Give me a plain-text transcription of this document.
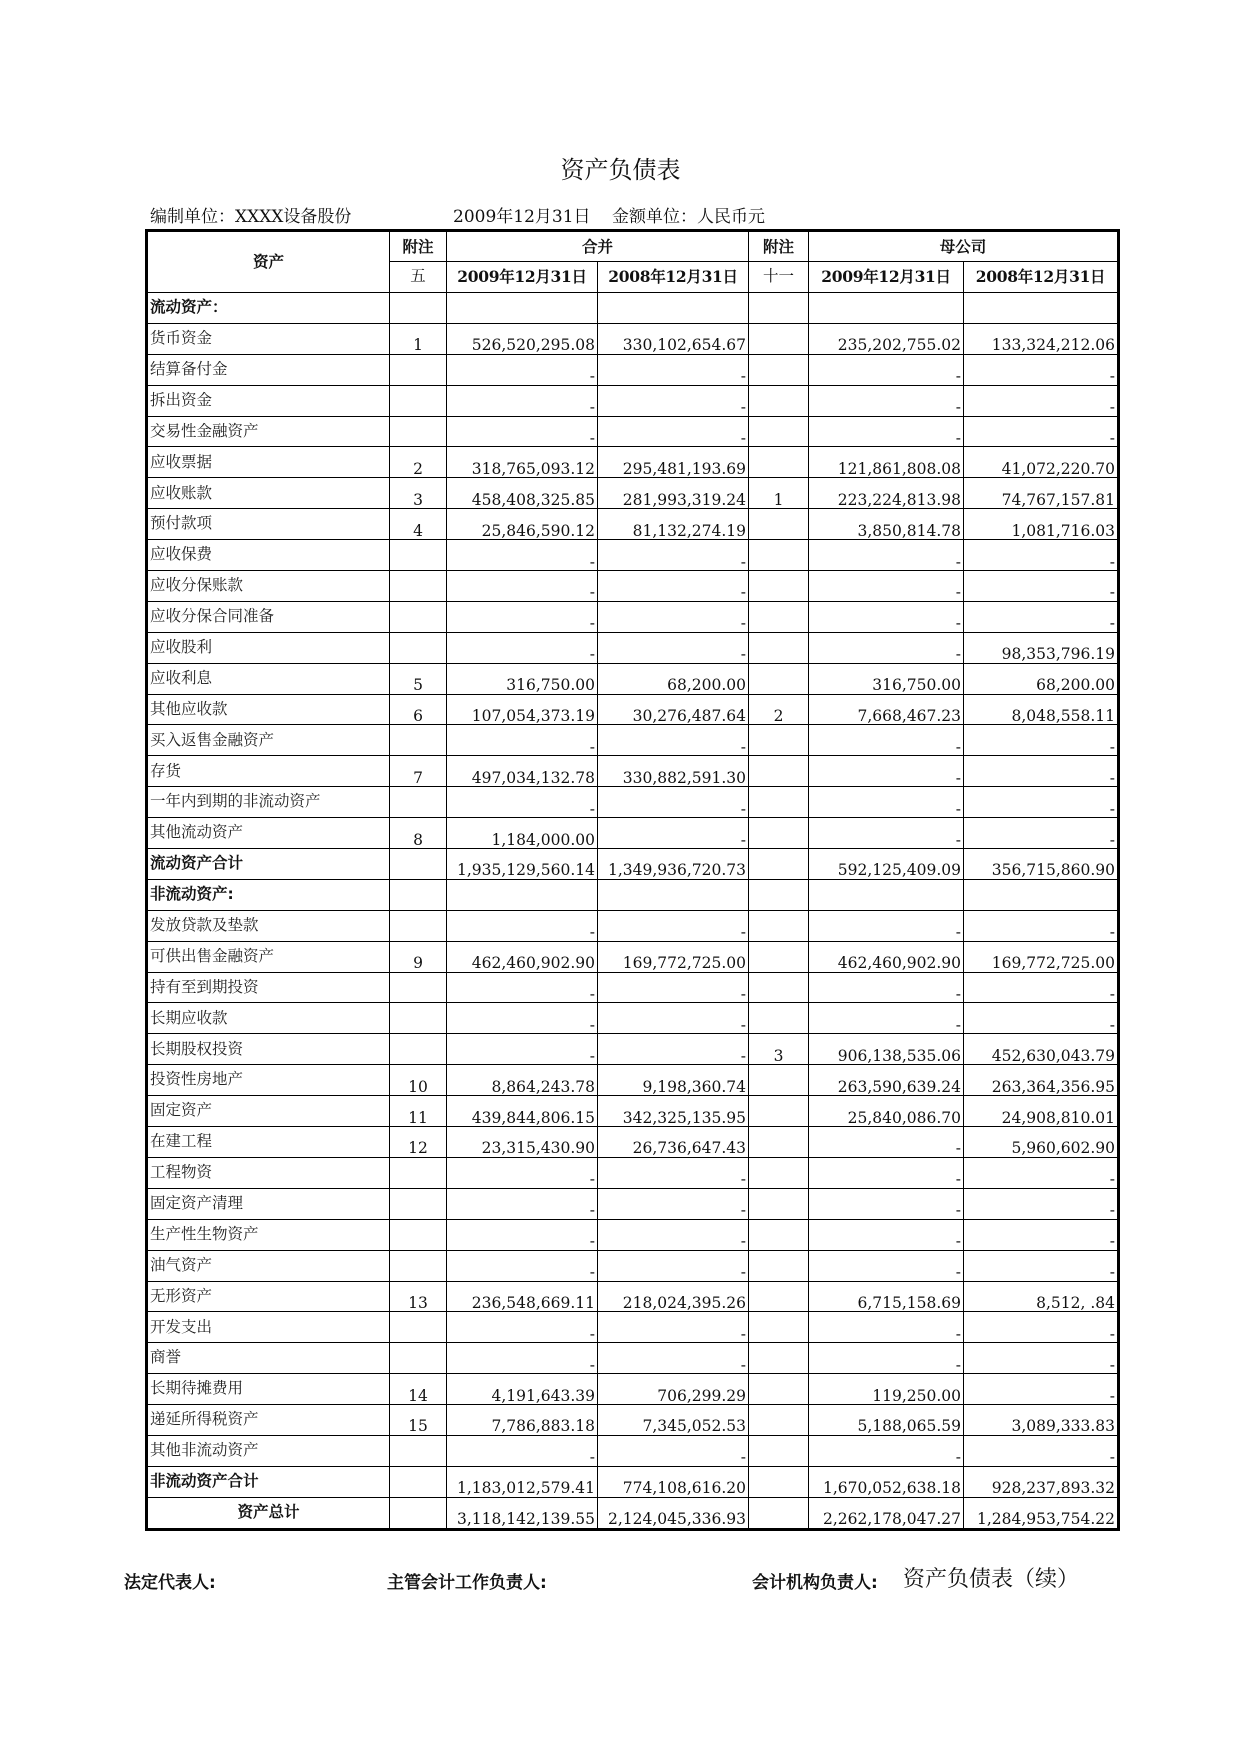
资产负债表
编制单位：XXXX设备股份	2009年12月31日 金额单位：人民币元
资产	附注	合并		附注	母公司	
	五	2009年12月31日	2008年12月31日	十一	2009年12月31日	2008年12月31日
流动资产：						
货币资金	1	526,520,295.08	330,102,654.67		235,202,755.02	133,324,212.06
结算备付金		-	-		-	-
拆出资金		-	-		-	-
交易性金融资产		-	-		-	-
应收票据	2	318,765,093.12	295,481,193.69		121,861,808.08	41,072,220.70
应收账款	3	458,408,325.85	281,993,319.24	1	223,224,813.98	74,767,157.81
预付款项	4	25,846,590.12	81,132,274.19		3,850,814.78	1,081,716.03
应收保费		-	-		-	-
应收分保账款		-	-		-	-
应收分保合同准备		-	-		-	-
应收股利		-	-		-	98,353,796.19
应收利息	5	316,750.00	68,200.00		316,750.00	68,200.00
其他应收款	6	107,054,373.19	30,276,487.64	2	7,668,467.23	8,048,558.11
买入返售金融资产		-	-		-	-
存货	7	497,034,132.78	330,882,591.30		-	-
一年内到期的非流动资产		-	-		-	-
其他流动资产	8	1,184,000.00	-		-	-
流动资产合计		1,935,129,560.14	1,349,936,720.73		592,125,409.09	356,715,860.90
非流动资产:						
发放贷款及垫款		-	-		-	-
可供出售金融资产	9	462,460,902.90	169,772,725.00		462,460,902.90	169,772,725.00
持有至到期投资		-	-		-	-
长期应收款		-	-		-	-
长期股权投资		-	-	3	906,138,535.06	452,630,043.79
投资性房地产	10	8,864,243.78	9,198,360.74		263,590,639.24	263,364,356.95
固定资产	11	439,844,806.15	342,325,135.95		25,840,086.70	24,908,810.01
在建工程	12	23,315,430.90	26,736,647.43		-	5,960,602.90
工程物资		-	-		-	-
固定资产清理		-	-		-	-
生产性生物资产		-	-		-	-
油气资产		-	-		-	-
无形资产	13	236,548,669.11	218,024,395.26		6,715,158.69	8,512, .84
开发支出		-	-		-	-
商誉		-	-		-	-
长期待摊费用	14	4,191,643.39	706,299.29		119,250.00	-
递延所得税资产	15	7,786,883.18	7,345,052.53		5,188,065.59	3,089,333.83
其他非流动资产		-	-		-	-
非流动资产合计		1,183,012,579.41	774,108,616.20		1,670,052,638.18	928,237,893.32
资产总计		3,118,142,139.55	2,124,045,336.93		2,262,178,047.27	1,284,953,754.22
法定代表人:	主管会计工作负责人:	会计机构负责人: 资产负债表（续）
